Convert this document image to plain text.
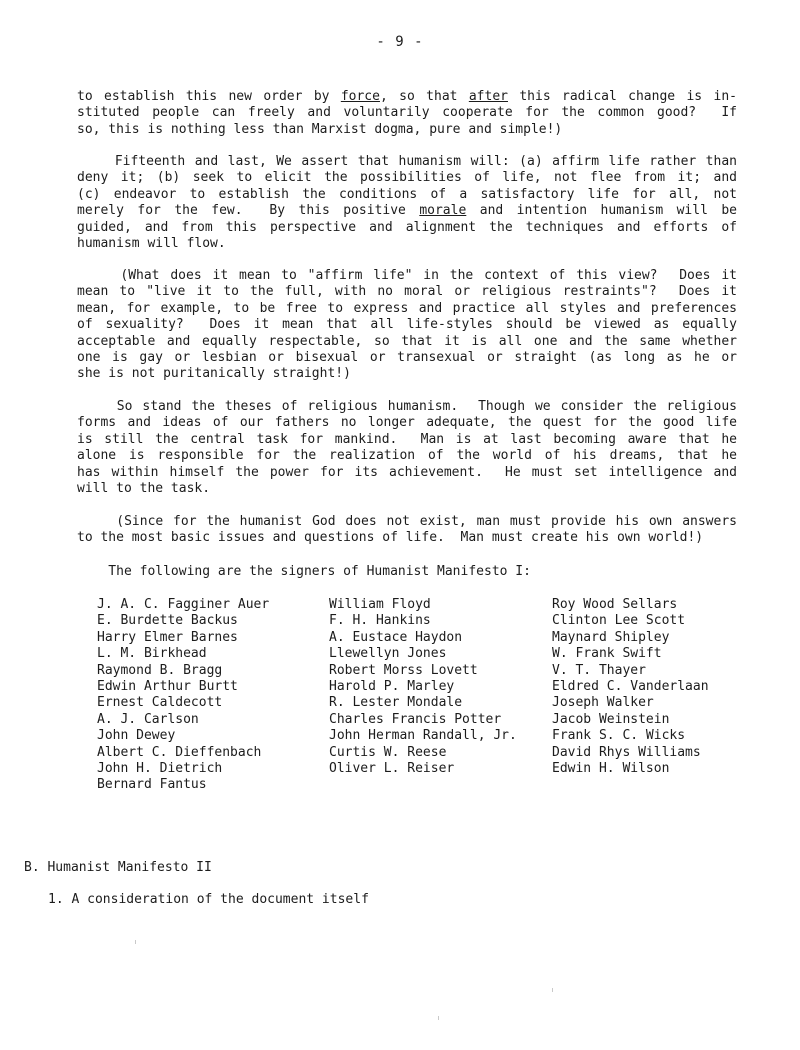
- 9 -
to establish this new order by force, so that after this radical change is in-
stituted people can freely and voluntarily cooperate for the common good?  If
so, this is nothing less than Marxist dogma, pure and simple!)
Fifteenth and last, We assert that humanism will: (a) affirm life rather than
deny it; (b) seek to elicit the possibilities of life, not flee from it; and
(c) endeavor to establish the conditions of a satisfactory life for all, not
merely for the few.  By this positive morale and intention humanism will be
guided, and from this perspective and alignment the techniques and efforts of
humanism will flow.
(What does it mean to "affirm life" in the context of this view?  Does it
mean to "live it to the full, with no moral or religious restraints"?  Does it
mean, for example, to be free to express and practice all styles and preferences
of sexuality?  Does it mean that all life-styles should be viewed as equally
acceptable and equally respectable, so that it is all one and the same whether
one is gay or lesbian or bisexual or transexual or straight (as long as he or
she is not puritanically straight!)
So stand the theses of religious humanism.  Though we consider the religious
forms and ideas of our fathers no longer adequate, the quest for the good life
is still the central task for mankind.  Man is at last becoming aware that he
alone is responsible for the realization of the world of his dreams, that he
has within himself the power for its achievement.  He must set intelligence and
will to the task.
(Since for the humanist God does not exist, man must provide his own answers
to the most basic issues and questions of life.  Man must create his own world!)
The following are the signers of Humanist Manifesto I:
J. A. C. Fagginer Auer
E. Burdette Backus
Harry Elmer Barnes
L. M. Birkhead
Raymond B. Bragg
Edwin Arthur Burtt
Ernest Caldecott
A. J. Carlson
John Dewey
Albert C. Dieffenbach
John H. Dietrich
Bernard Fantus
William Floyd
F. H. Hankins
A. Eustace Haydon
Llewellyn Jones
Robert Morss Lovett
Harold P. Marley
R. Lester Mondale
Charles Francis Potter
John Herman Randall, Jr.
Curtis W. Reese
Oliver L. Reiser
Roy Wood Sellars
Clinton Lee Scott
Maynard Shipley
W. Frank Swift
V. T. Thayer
Eldred C. Vanderlaan
Joseph Walker
Jacob Weinstein
Frank S. C. Wicks
David Rhys Williams
Edwin H. Wilson
B. Humanist Manifesto II
1. A consideration of the document itself
